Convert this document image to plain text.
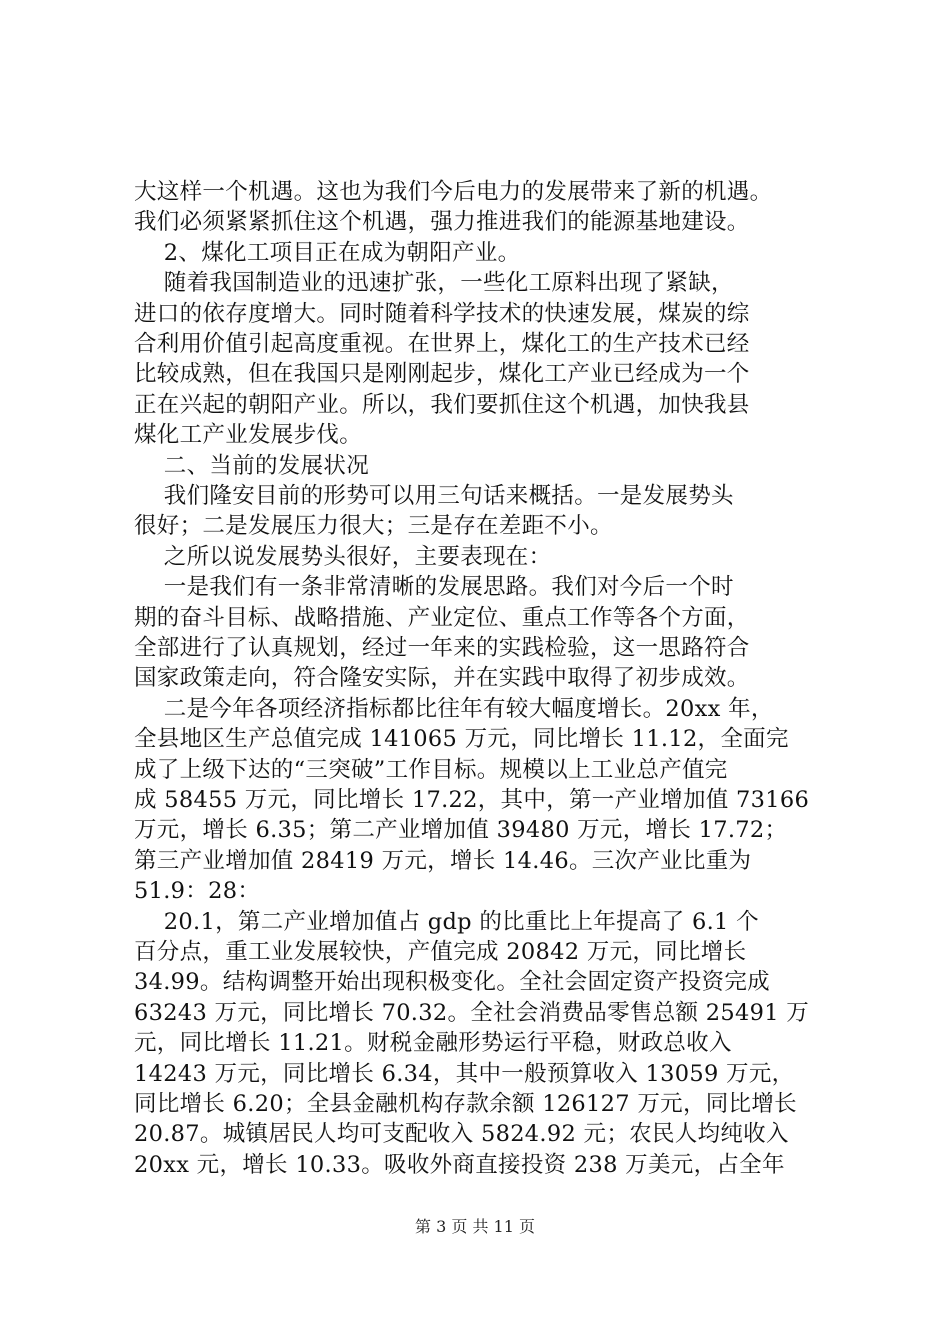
大这样一个机遇。这也为我们今后电力的发展带来了新的机遇。
我们必须紧紧抓住这个机遇，强力推进我们的能源基地建设。
2、煤化工项目正在成为朝阳产业。
随着我国制造业的迅速扩张，一些化工原料出现了紧缺，
进口的依存度增大。同时随着科学技术的快速发展，煤炭的综
合利用价值引起高度重视。在世界上，煤化工的生产技术已经
比较成熟，但在我国只是刚刚起步，煤化工产业已经成为一个
正在兴起的朝阳产业。所以，我们要抓住这个机遇，加快我县
煤化工产业发展步伐。
二、当前的发展状况
我们隆安目前的形势可以用三句话来概括。一是发展势头
很好；二是发展压力很大；三是存在差距不小。
之所以说发展势头很好，主要表现在：
一是我们有一条非常清晰的发展思路。我们对今后一个时
期的奋斗目标、战略措施、产业定位、重点工作等各个方面，
全部进行了认真规划，经过一年来的实践检验，这一思路符合
国家政策走向，符合隆安实际，并在实践中取得了初步成效。
二是今年各项经济指标都比往年有较大幅度增长。20xx 年，
全县地区生产总值完成 141065 万元，同比增长 11.12，全面完
成了上级下达的“三突破”工作目标。规模以上工业总产值完
成 58455 万元，同比增长 17.22，其中，第一产业增加值 73166
万元，增长 6.35；第二产业增加值 39480 万元，增长 17.72；
第三产业增加值 28419 万元，增长 14.46。三次产业比重为
51.9：28：
20.1，第二产业增加值占 gdp 的比重比上年提高了 6.1 个
百分点，重工业发展较快，产值完成 20842 万元，同比增长
34.99。结构调整开始出现积极变化。全社会固定资产投资完成
63243 万元，同比增长 70.32。全社会消费品零售总额 25491 万
元，同比增长 11.21。财税金融形势运行平稳，财政总收入
14243 万元，同比增长 6.34，其中一般预算收入 13059 万元，
同比增长 6.20；全县金融机构存款余额 126127 万元，同比增长
20.87。城镇居民人均可支配收入 5824.92 元；农民人均纯收入
20xx 元，增长 10.33。吸收外商直接投资 238 万美元，占全年
第 3 页 共 11 页
